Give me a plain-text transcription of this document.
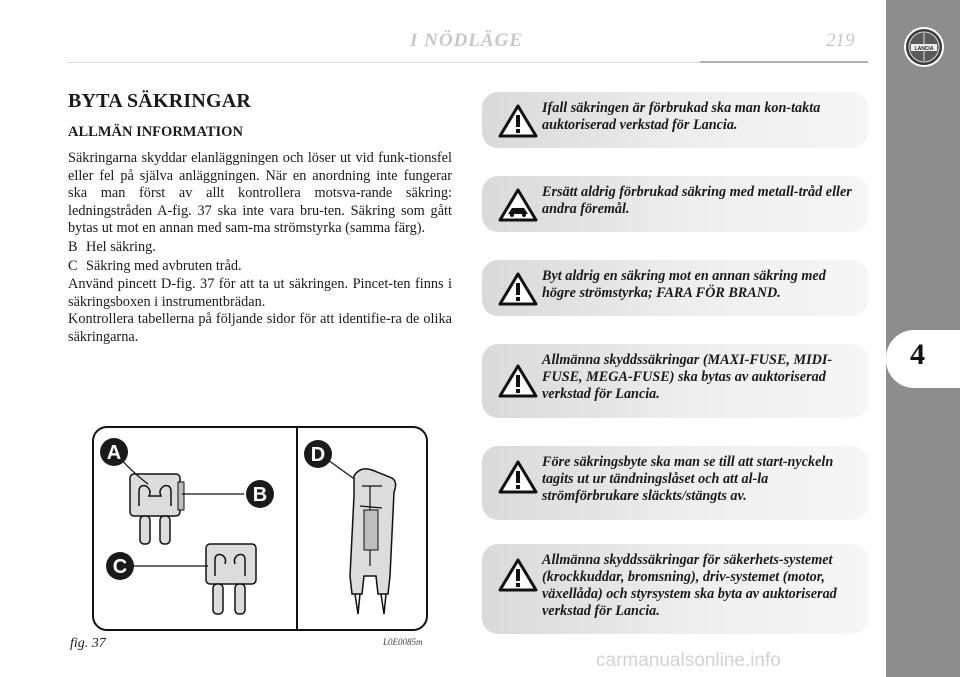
I NÖDLÄGE	219	LANCIA
4
BYTA SÄKRINGAR
ALLMÄN INFORMATION

Säkringarna skyddar elanläggningen och löser ut vid funk-tionsfel eller fel på själva anläggningen. När en anordning inte fungerar ska man först av allt kontrollera motsva-rande säkring: ledningstråden A-fig. 37 ska inte vara bru-ten. Säkring som gått bytas ut mot en annan med sam-ma strömstyrka (samma färg).

B Hel säkring.
C Säkring med avbruten tråd.

Använd pincett D-fig. 37 för att ta ut säkringen. Pincet-ten finns i säkringsboxen i instrumentbrädan.

Kontrollera tabellerna på följande sidor för att identifie-ra de olika säkringarna.

A
B
C
D
fig. 37	L0E0085m
Ifall säkringen är förbrukad ska man kon-takta auktoriserad verkstad för Lancia.
Ersätt aldrig förbrukad säkring med metall-tråd eller andra föremål.
Byt aldrig en säkring mot en annan säkring med högre strömstyrka; FARA FÖR BRAND.
Allmänna skyddssäkringar (MAXI-FUSE, MIDI-FUSE, MEGA-FUSE) ska bytas av auktoriserad verkstad för Lancia.
Före säkringsbyte ska man se till att start-nyckeln tagits ut ur tändningslåset och att al-la strömförbrukare släckts/stängts av.
Allmänna skyddssäkringar för säkerhets-systemet (krockkuddar, bromsning), driv-systemet (motor, växellåda) och styrsystem ska byta av auktoriserad verkstad för Lancia.
carmanualsonline.info
